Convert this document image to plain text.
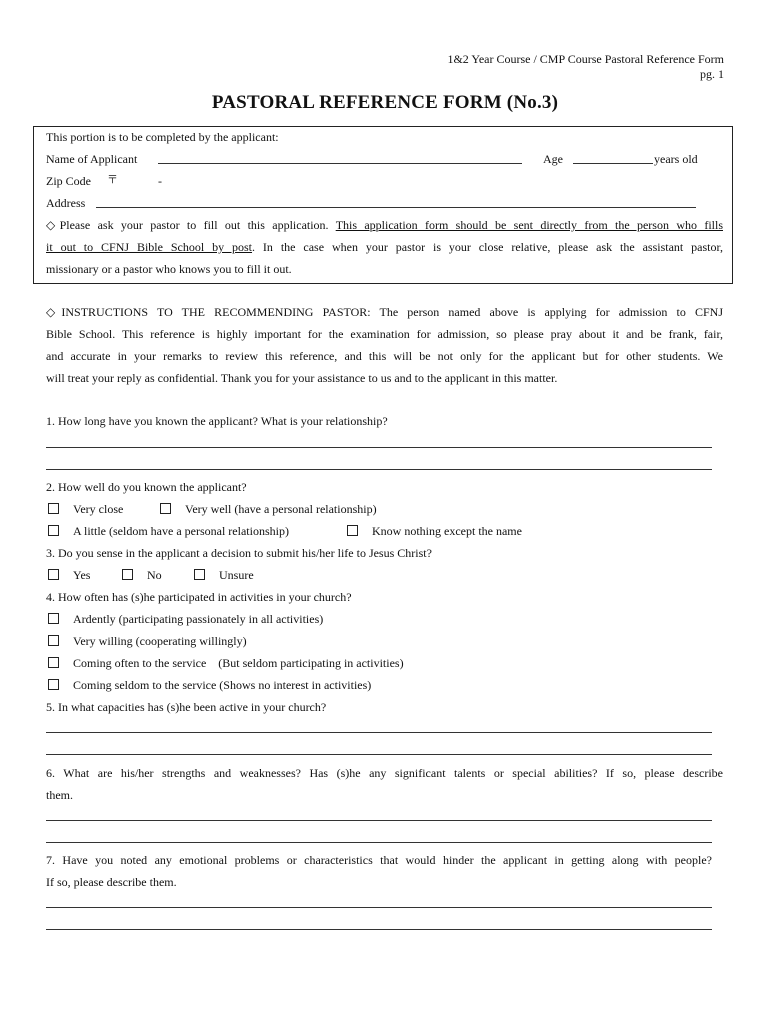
1&2 Year Course / CMP Course Pastoral Reference Form
pg. 1
PASTORAL REFERENCE FORM (No.3)
This portion is to be completed by the applicant:
Name of Applicant	Age	years old
Zip Code 〒	-
Address
◇Please ask your pastor to fill out this application. This application form should be sent directly from the person who fills
it out to CFNJ Bible School by post. In the case when your pastor is your close relative, please ask the assistant pastor,
missionary or a pastor who knows you to fill it out.
◇INSTRUCTIONS TO THE RECOMMENDING PASTOR: The person named above is applying for admission to CFNJ
Bible School. This reference is highly important for the examination for admission, so please pray about it and be frank, fair,
and accurate in your remarks to review this reference, and this will be not only for the applicant but for other students. We
will treat your reply as confidential. Thank you for your assistance to us and to the applicant in this matter.
1. How long have you known the applicant? What is your relationship?
2. How well do you known the applicant?
Very close	Very well (have a personal relationship)
A little (seldom have a personal relationship)	Know nothing except the name
3. Do you sense in the applicant a decision to submit his/her life to Jesus Christ?
Yes	No	Unsure
4. How often has (s)he participated in activities in your church?
Ardently (participating passionately in all activities)
Very willing (cooperating willingly)
Coming often to the service    (But seldom participating in activities)
Coming seldom to the service (Shows no interest in activities)
5. In what capacities has (s)he been active in your church?
6. What are his/her strengths and weaknesses? Has (s)he any significant talents or special abilities? If so, please describe
them.
7. Have you noted any emotional problems or characteristics that would hinder the applicant in getting along with people?
If so, please describe them.
